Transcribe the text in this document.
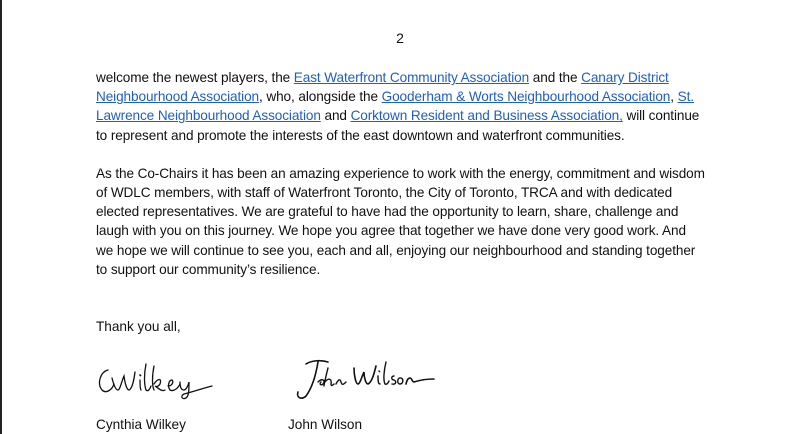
2

welcome the newest players, the East Waterfront Community Association and the Canary District Neighbourhood Association, who, alongside the Gooderham & Worts Neighbourhood Association, St. Lawrence Neighbourhood Association and Corktown Resident and Business Association, will continue to represent and promote the interests of the east downtown and waterfront communities.

As the Co-Chairs it has been an amazing experience to work with the energy, commitment and wisdom of WDLC members, with staff of Waterfront Toronto, the City of Toronto, TRCA and with dedicated elected representatives. We are grateful to have had the opportunity to learn, share, challenge and laugh with you on this journey. We hope you agree that together we have done very good work. And we hope we will continue to see you, each and all, enjoying our neighbourhood and standing together to support our community’s resilience.

Thank you all,
Cynthia Wilkey	John Wilson
